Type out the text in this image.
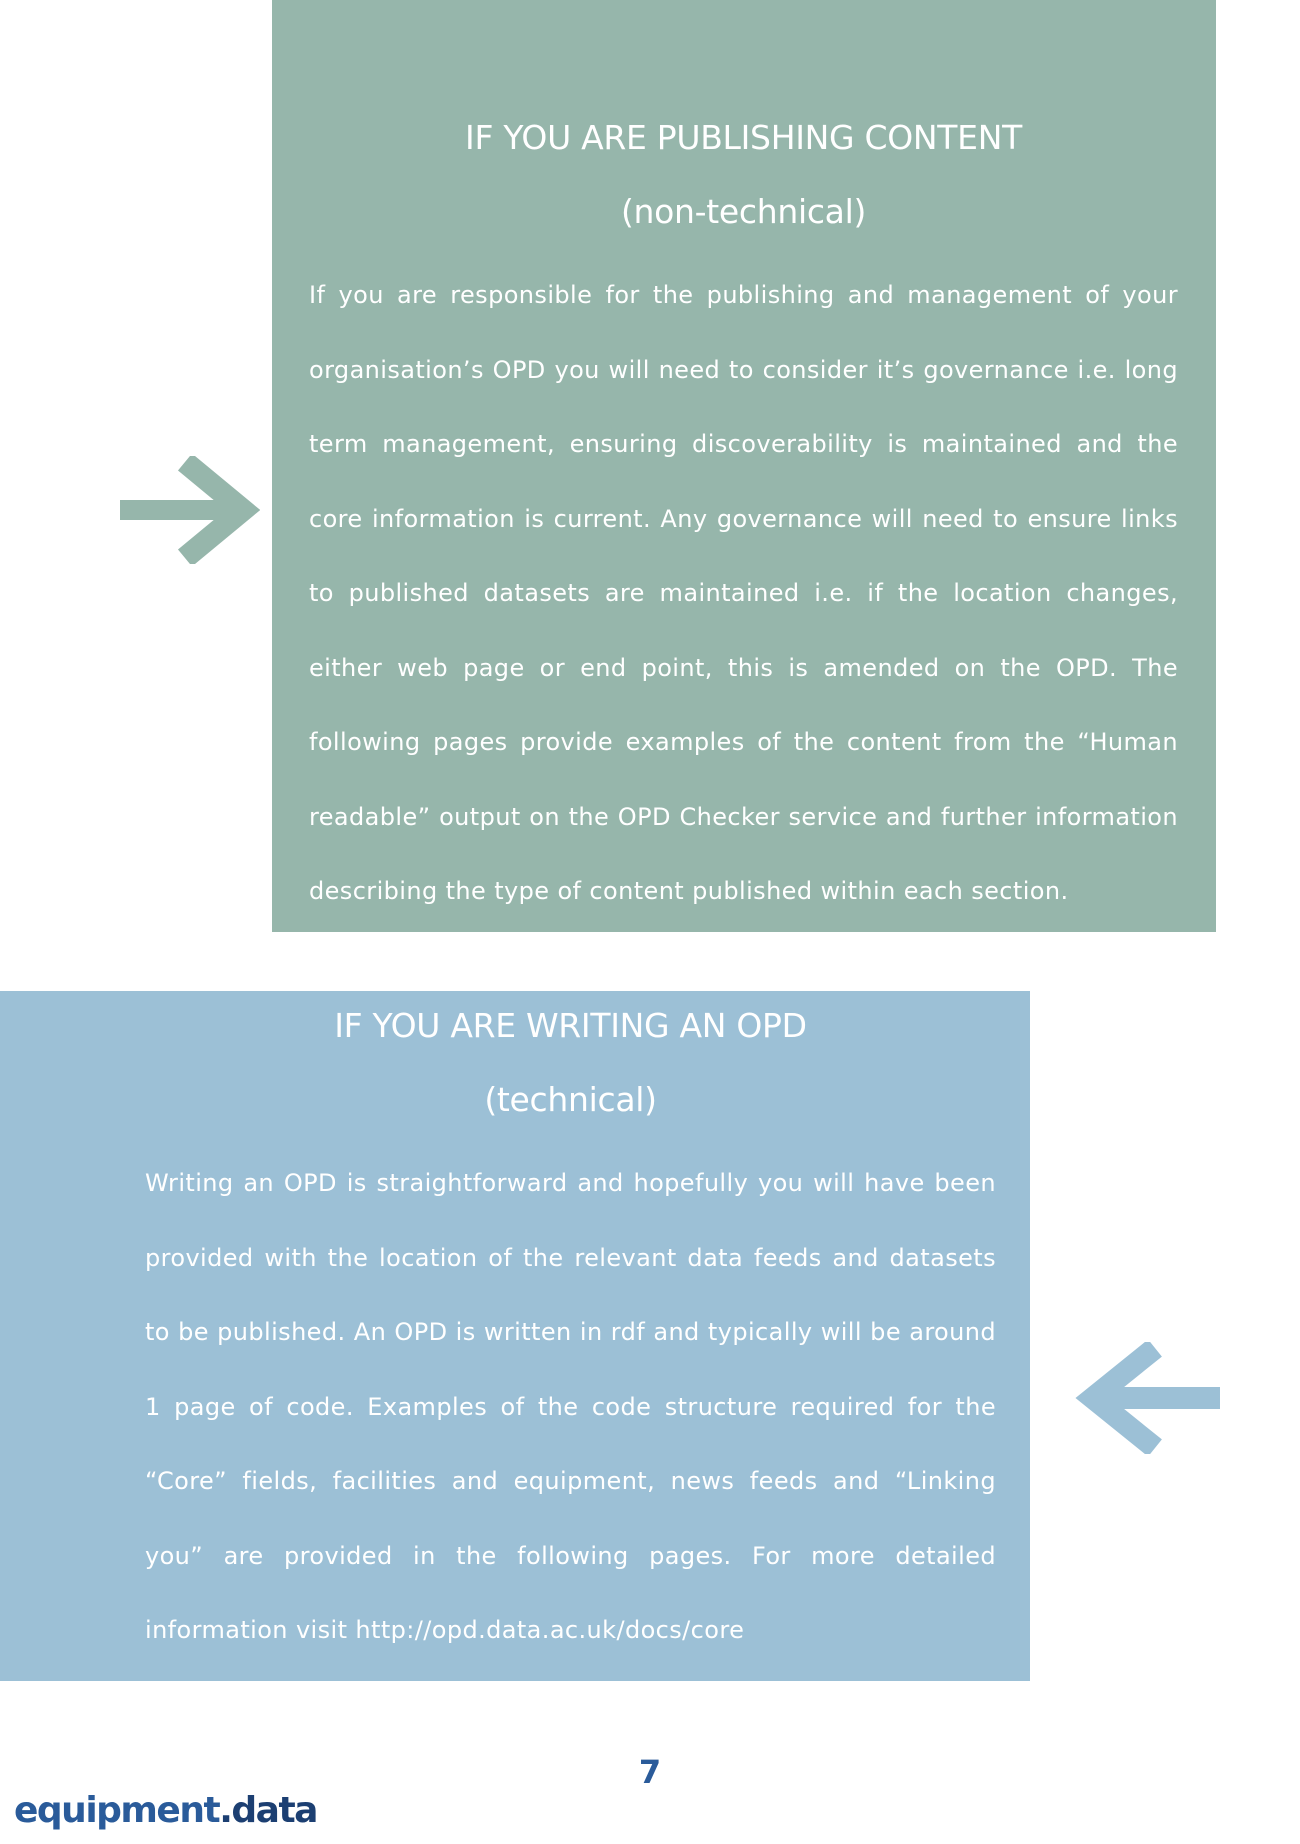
IF YOU ARE PUBLISHING CONTENT
(non-technical)

If you are responsible for the publishing and management of your organisation’s OPD you will need to consider it’s governance i.e. long term management, ensuring discoverability is maintained and the core information is current. Any governance will need to ensure links to published datasets are maintained i.e. if the location changes, either web page or end point, this is amended on the OPD. The following pages provide examples of the content from the “Human readable” output on the OPD Checker service and further information describing the type of content published within each section.

IF YOU ARE WRITING AN OPD
(technical)

Writing an OPD is straightforward and hopefully you will have been provided with the location of the relevant data feeds and datasets to be published. An OPD is written in rdf and typically will be around 1 page of code. Examples of the code structure required for the “Core” fields, facilities and equipment, news feeds and “Linking you” are provided in the following pages. For more detailed information visit http://opd.data.ac.uk/docs/core

7
equipment.data
